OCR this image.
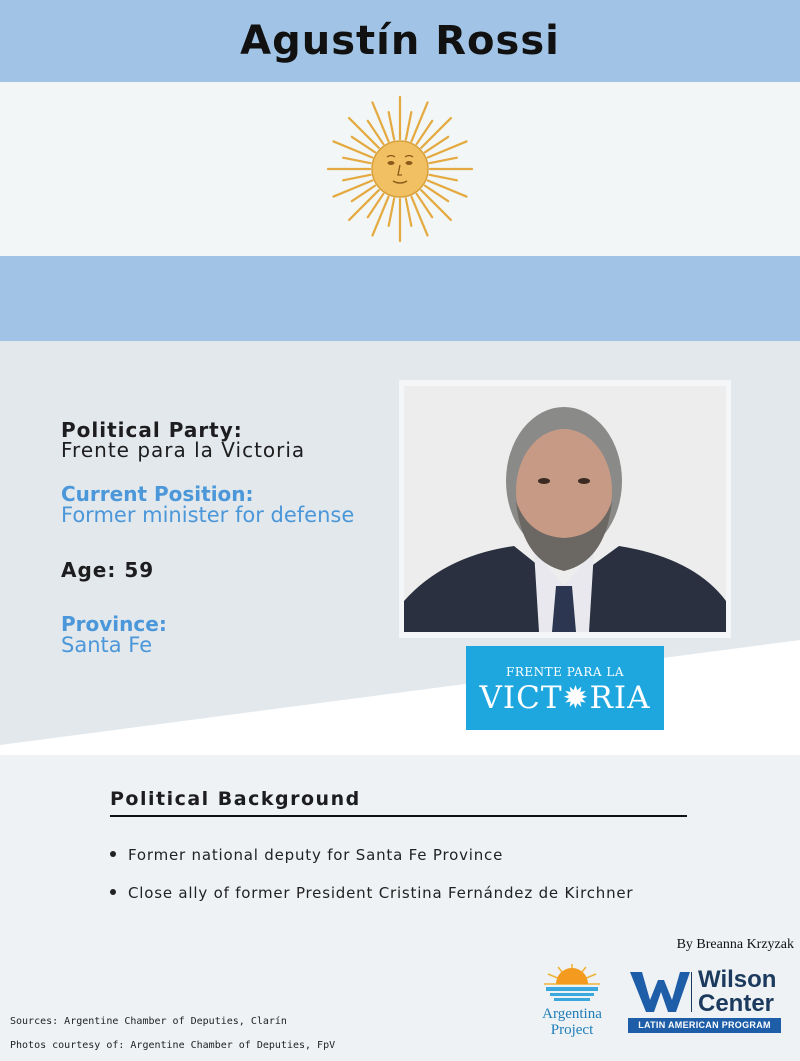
Agustín Rossi
Political Party:
Frente para la Victoria
Current Position:
Former minister for defense
Age: 59
Province:
Santa Fe
FRENTE PARA LA
VICT✹RIA
Political Background
Former national deputy for Santa Fe Province
Close ally of former President Cristina Fernández de Kirchner
By Breanna Krzyzak
Sources: Argentine Chamber of Deputies, Clarín
Photos courtesy of: Argentine Chamber of Deputies, FpV
Argentina
Project
Wilson
Center
LATIN AMERICAN PROGRAM
